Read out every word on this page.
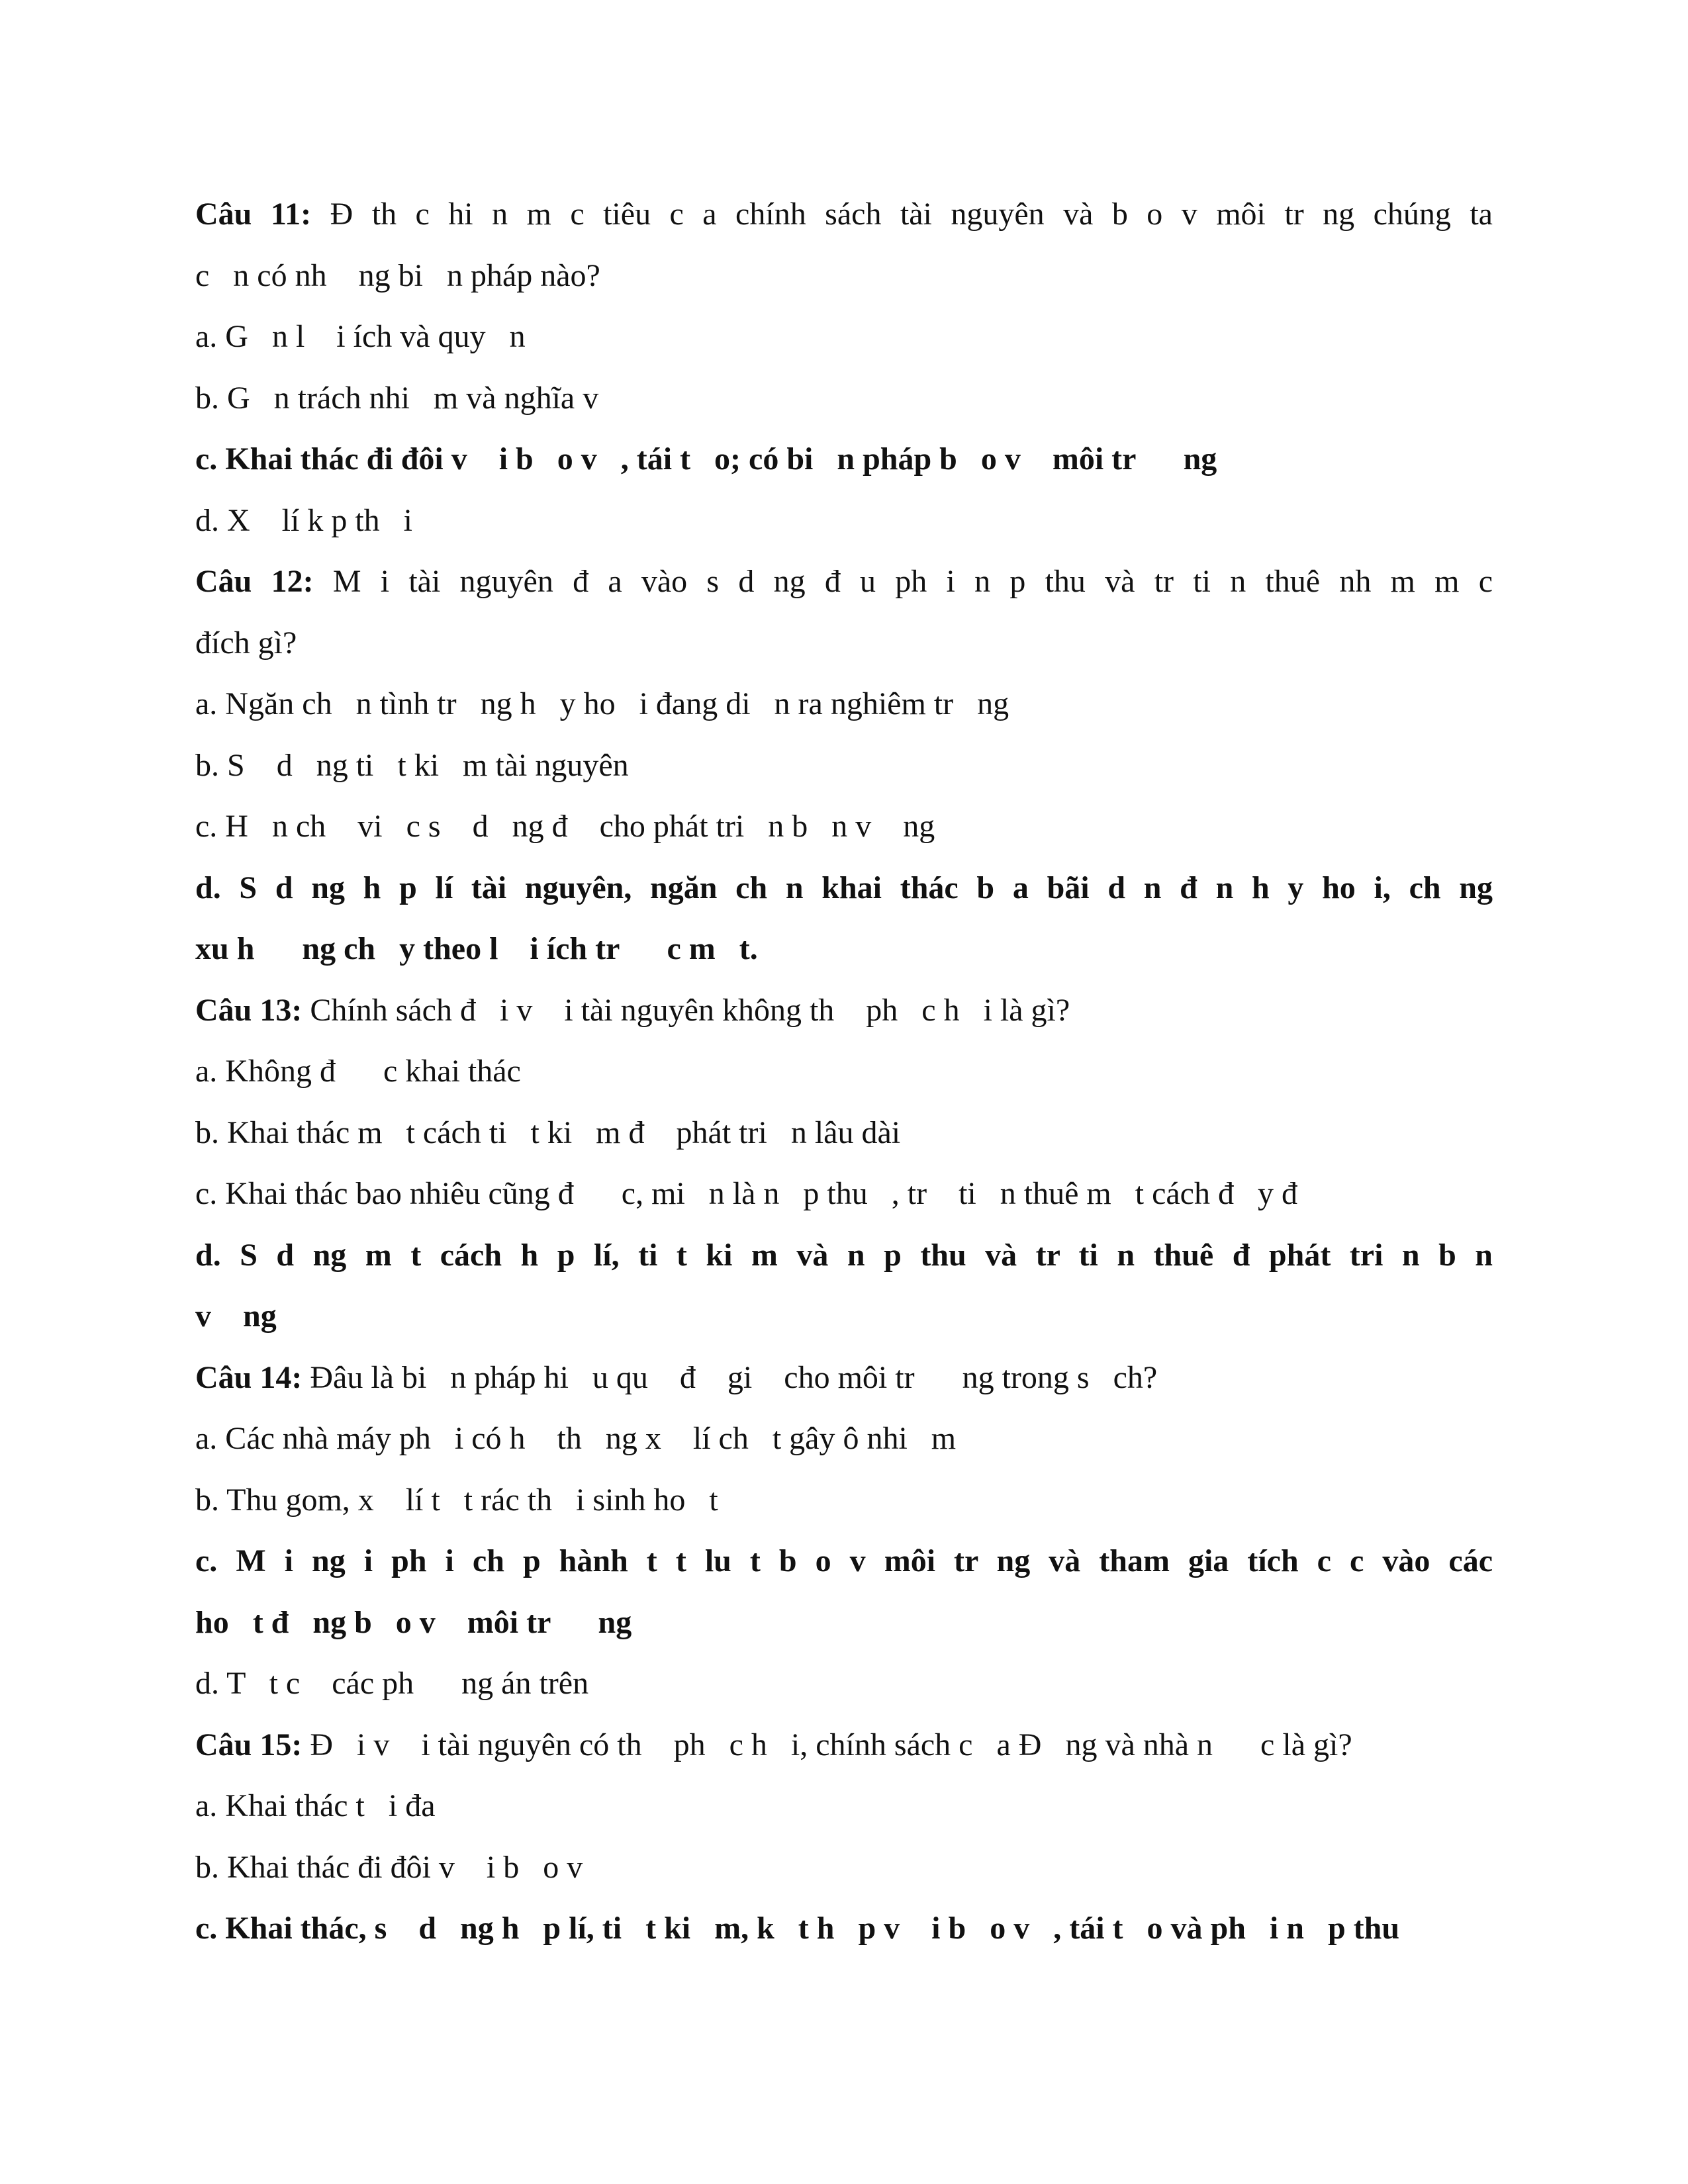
Câu 11: Đ th c hi n m c tiêu c a chính sách tài nguyên và b o v môi tr ng chúng ta
c   n có nh    ng bi   n pháp nào?
a. G   n l    i ích và quy   n
b. G   n trách nhi   m và nghĩa v
c. Khai thác đi đôi v    i b   o v   , tái t   o; có bi   n pháp b   o v    môi tr      ng
d. X    lí k p th   i
Câu 12: M i tài nguyên đ a vào s d ng đ u ph i n p thu và tr ti n thuê nh m m c
đích gì?
a. Ngăn ch   n tình tr   ng h   y ho   i đang di   n ra nghiêm tr   ng
b. S    d   ng ti   t ki   m tài nguyên
c. H   n ch    vi   c s    d   ng đ    cho phát tri   n b   n v    ng
d. S d ng h p lí tài nguyên, ngăn ch n khai thác b a bãi d n đ n h y ho i, ch ng
xu h      ng ch   y theo l    i ích tr      c m   t.
Câu 13: Chính sách đ   i v    i tài nguyên không th    ph   c h   i là gì?
a. Không đ      c khai thác
b. Khai thác m   t cách ti   t ki   m đ    phát tri   n lâu dài
c. Khai thác bao nhiêu cũng đ      c, mi   n là n   p thu   , tr    ti   n thuê m   t cách đ   y đ
d. S d ng m t cách h p lí, ti t ki m và n p thu và tr ti n thuê đ phát tri n b n
v    ng
Câu 14: Đâu là bi   n pháp hi   u qu    đ    gi    cho môi tr      ng trong s   ch?
a. Các nhà máy ph   i có h    th   ng x    lí ch   t gây ô nhi   m
b. Thu gom, x    lí t   t rác th   i sinh ho   t
c. M i ng i ph i ch p hành t t lu t b o v môi tr ng và tham gia tích c c vào các
ho   t đ   ng b   o v    môi tr      ng
d. T   t c    các ph      ng án trên
Câu 15: Đ   i v    i tài nguyên có th    ph   c h   i, chính sách c   a Đ   ng và nhà n      c là gì?
a. Khai thác t   i đa
b. Khai thác đi đôi v    i b   o v
c. Khai thác, s    d   ng h   p lí, ti   t ki   m, k   t h   p v    i b   o v   , tái t   o và ph   i n   p thu
